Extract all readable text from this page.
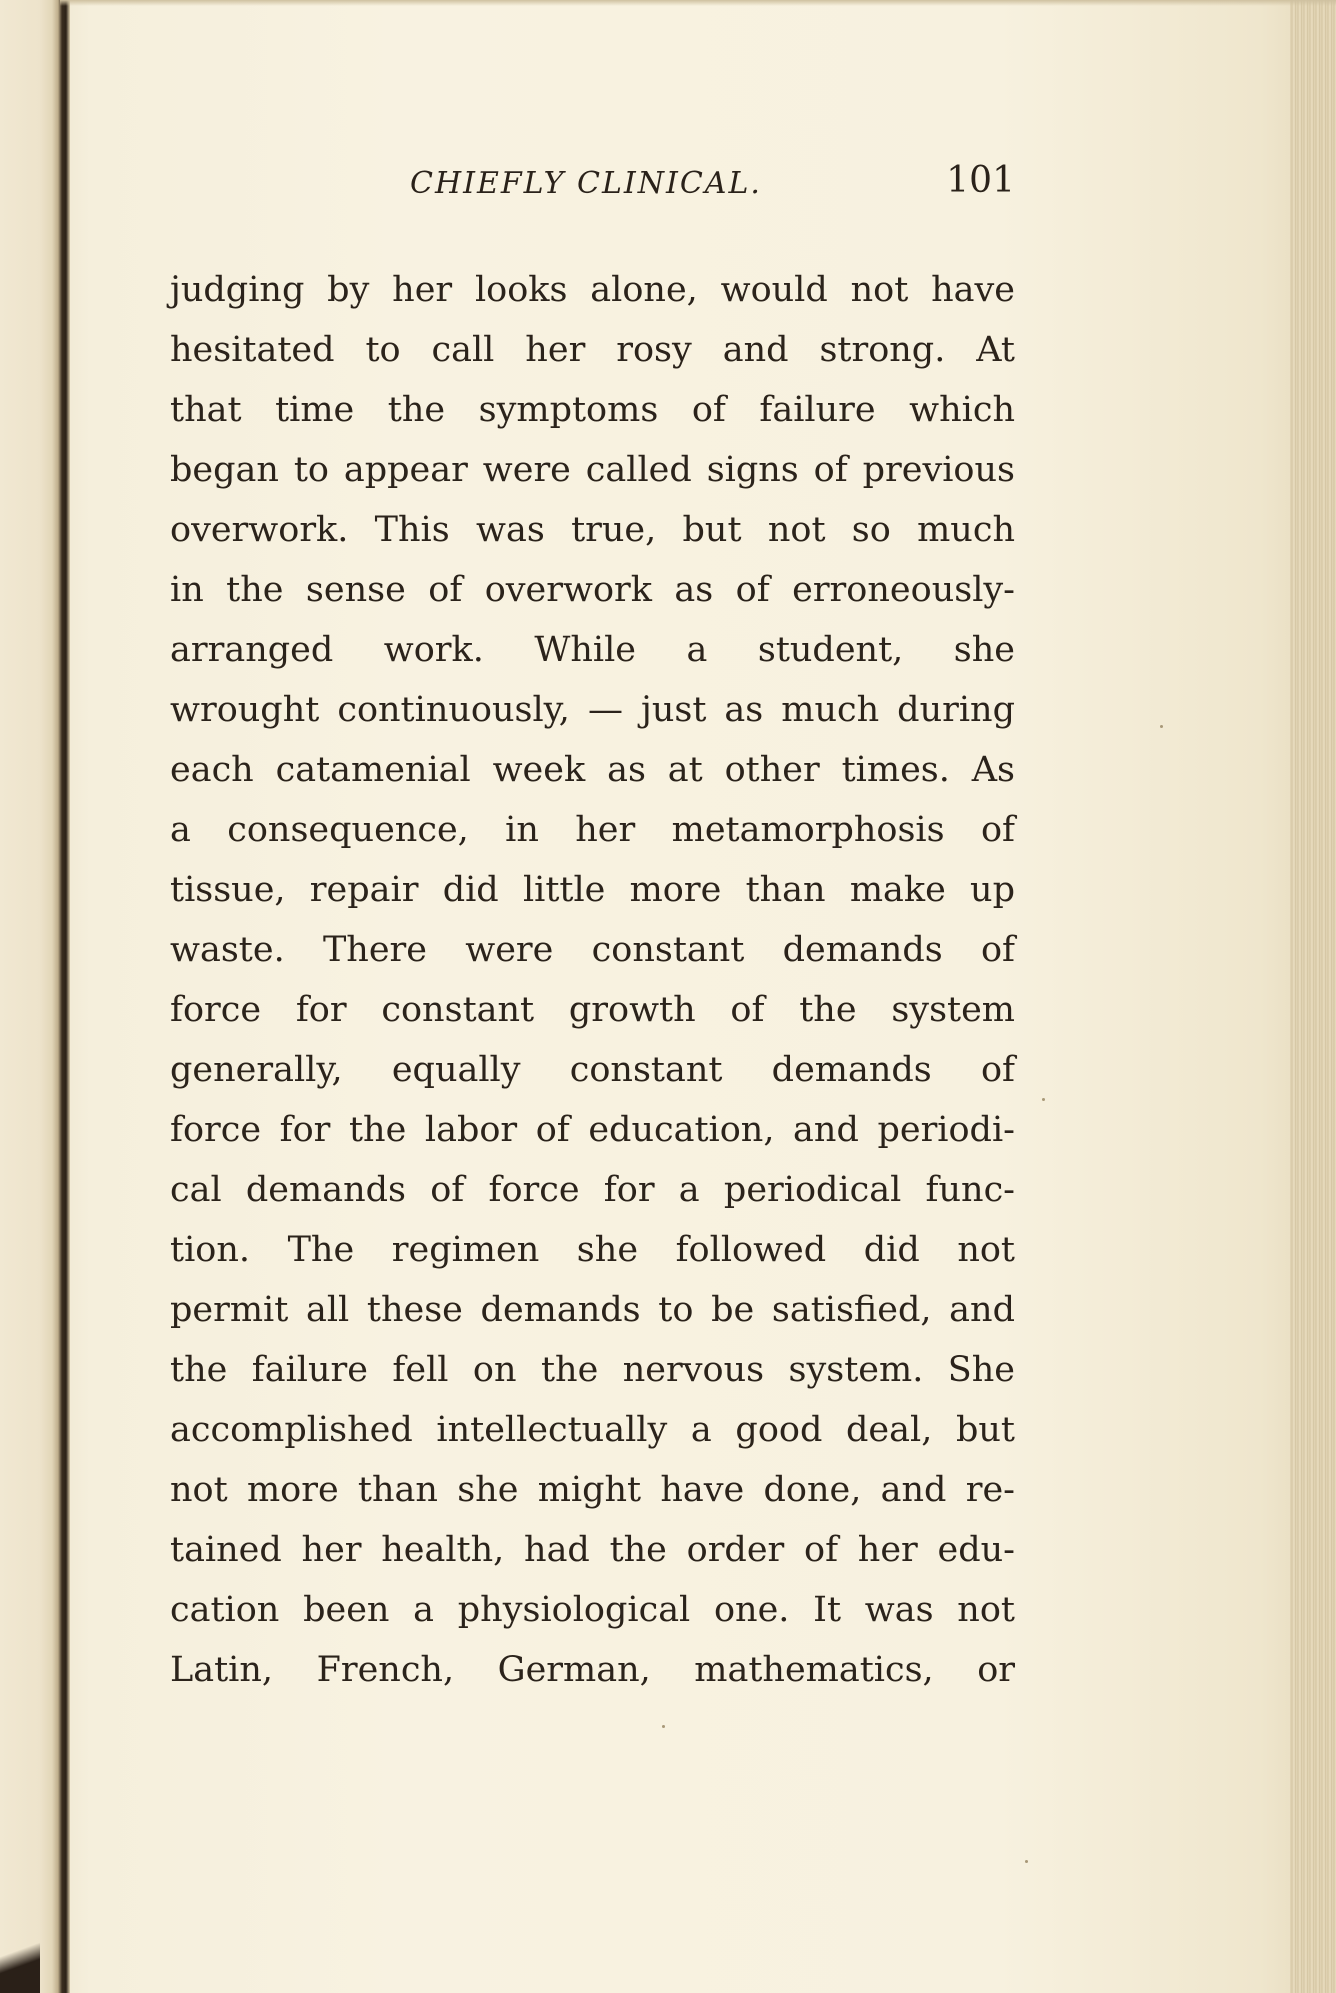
CHIEFLY CLINICAL.	101
judging by her looks alone, would not have
hesitated to call her rosy and strong. At
that time the symptoms of failure which
began to appear were called signs of previous
overwork. This was true, but not so much
in the sense of overwork as of erroneously-
arranged work. While a student, she
wrought continuously, — just as much during
each catamenial week as at other times. As
a consequence, in her metamorphosis of
tissue, repair did little more than make up
waste. There were constant demands of
force for constant growth of the system
generally, equally constant demands of
force for the labor of education, and periodi-
cal demands of force for a periodical func-
tion. The regimen she followed did not
permit all these demands to be satisfied, and
the failure fell on the nervous system. She
accomplished intellectually a good deal, but
not more than she might have done, and re-
tained her health, had the order of her edu-
cation been a physiological one. It was not
Latin, French, German, mathematics, or
